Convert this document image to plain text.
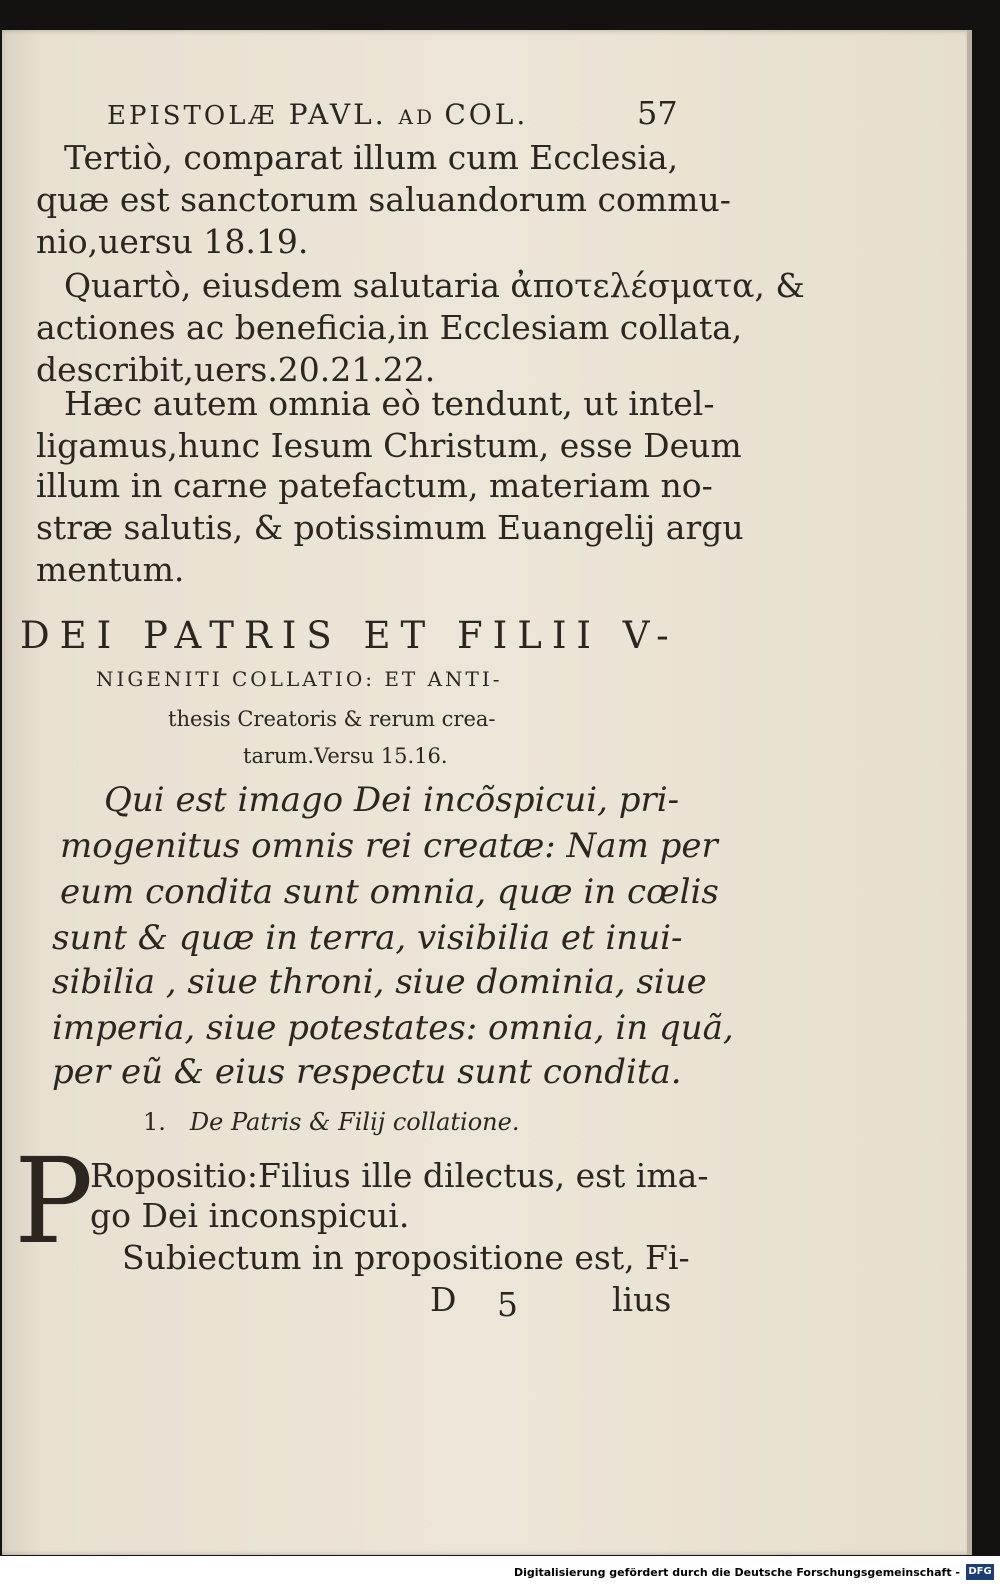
EPISTOLÆ PAVL. AD COL.	57
Tertiò, comparat illum cum Ecclesia,
quæ est sanctorum saluandorum commu-
nio,uersu 18.19.
Quartò, eiusdem salutaria ἀποτελέσματα, &
actiones ac beneficia,in Ecclesiam collata,
describit,uers.20.21.22.
Hæc autem omnia eò tendunt, ut intel-
ligamus,hunc Iesum Christum, esse Deum
illum in carne patefactum, materiam no-
stræ salutis, & potissimum Euangelij argu
mentum.
DEI PATRIS ET FILII V-
NIGENITI COLLATIO: ET ANTI-
thesis Creatoris & rerum crea-
tarum.Versu 15.16.
Qui est imago Dei incõspicui, pri-
mogenitus omnis rei creatæ: Nam per
eum condita sunt omnia, quæ in cœlis
sunt & quæ in terra, visibilia et inui-
sibilia , siue throni, siue dominia, siue
imperia, siue potestates: omnia, in quã,
per eũ & eius respectu sunt condita.
1. De Patris & Filij collatione.
P
Ropositio:Filius ille dilectus, est ima-
go Dei inconspicui.
Subiectum in propositione est, Fi-
D 5	lius
Digitalisierung gefördert durch die Deutsche Forschungsgemeinschaft - DFG
